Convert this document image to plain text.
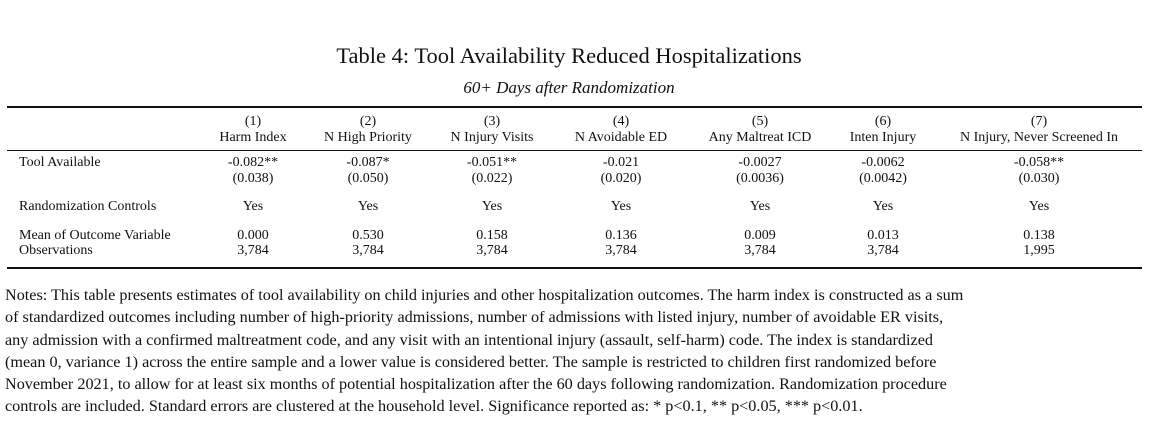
Table 4: Tool Availability Reduced Hospitalizations
60+ Days after Randomization
	(1)	(2)	(3)	(4)	(5)	(6)	(7)
	Harm Index	N High Priority	N Injury Visits	N Avoidable ED	Any Maltreat ICD	Inten Injury	N Injury, Never Screened In

Tool Available	-0.082**	-0.087*	-0.051**	-0.021	-0.0027	-0.0062	-0.058**
	(0.038)	(0.050)	(0.022)	(0.020)	(0.0036)	(0.0042)	(0.030)

Randomization Controls	Yes	Yes	Yes	Yes	Yes	Yes	Yes

Mean of Outcome Variable	0.000	0.530	0.158	0.136	0.009	0.013	0.138
Observations	3,784	3,784	3,784	3,784	3,784	3,784	1,995
Notes: This table presents estimates of tool availability on child injuries and other hospitalization outcomes. The harm index is constructed as a sum
of standardized outcomes including number of high-priority admissions, number of admissions with listed injury, number of avoidable ER visits,
any admission with a confirmed maltreatment code, and any visit with an intentional injury (assault, self-harm) code. The index is standardized
(mean 0, variance 1) across the entire sample and a lower value is considered better. The sample is restricted to children first randomized before
November 2021, to allow for at least six months of potential hospitalization after the 60 days following randomization. Randomization procedure
controls are included. Standard errors are clustered at the household level. Significance reported as: * p<0.1, ** p<0.05, *** p<0.01.
